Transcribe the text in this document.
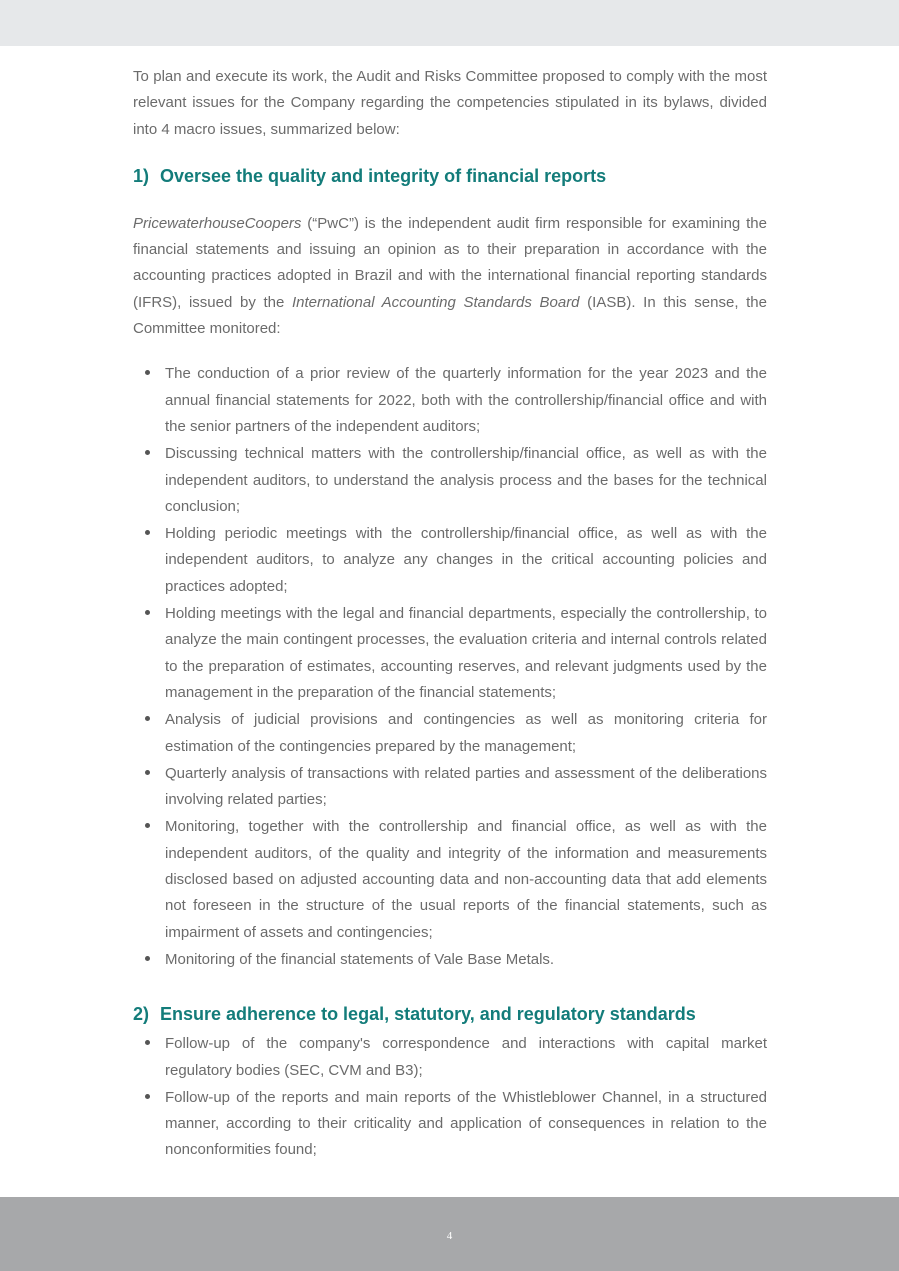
To plan and execute its work, the Audit and Risks Committee proposed to comply with the most relevant issues for the Company regarding the competencies stipulated in its bylaws, divided into 4 macro issues, summarized below:

1) Oversee the quality and integrity of financial reports

PricewaterhouseCoopers (“PwC”) is the independent audit firm responsible for examining the financial statements and issuing an opinion as to their preparation in accordance with the accounting practices adopted in Brazil and with the international financial reporting standards (IFRS), issued by the International Accounting Standards Board (IASB). In this sense, the Committee monitored:

The conduction of a prior review of the quarterly information for the year 2023 and the annual financial statements for 2022, both with the controllership/financial office and with the senior partners of the independent auditors;
Discussing technical matters with the controllership/financial office, as well as with the independent auditors, to understand the analysis process and the bases for the technical conclusion;
Holding periodic meetings with the controllership/financial office, as well as with the independent auditors, to analyze any changes in the critical accounting policies and practices adopted;
Holding meetings with the legal and financial departments, especially the controllership, to analyze the main contingent processes, the evaluation criteria and internal controls related to the preparation of estimates, accounting reserves, and relevant judgments used by the management in the preparation of the financial statements;
Analysis of judicial provisions and contingencies as well as monitoring criteria for estimation of the contingencies prepared by the management;
Quarterly analysis of transactions with related parties and assessment of the deliberations involving related parties;
Monitoring, together with the controllership and financial office, as well as with the independent auditors, of the quality and integrity of the information and measurements disclosed based on adjusted accounting data and non-accounting data that add elements not foreseen in the structure of the usual reports of the financial statements, such as impairment of assets and contingencies;
Monitoring of the financial statements of Vale Base Metals.
2) Ensure adherence to legal, statutory, and regulatory standards
Follow-up of the company's correspondence and interactions with capital market regulatory bodies (SEC, CVM and B3);
Follow-up of the reports and main reports of the Whistleblower Channel, in a structured manner, according to their criticality and application of consequences in relation to the nonconformities found;
4
